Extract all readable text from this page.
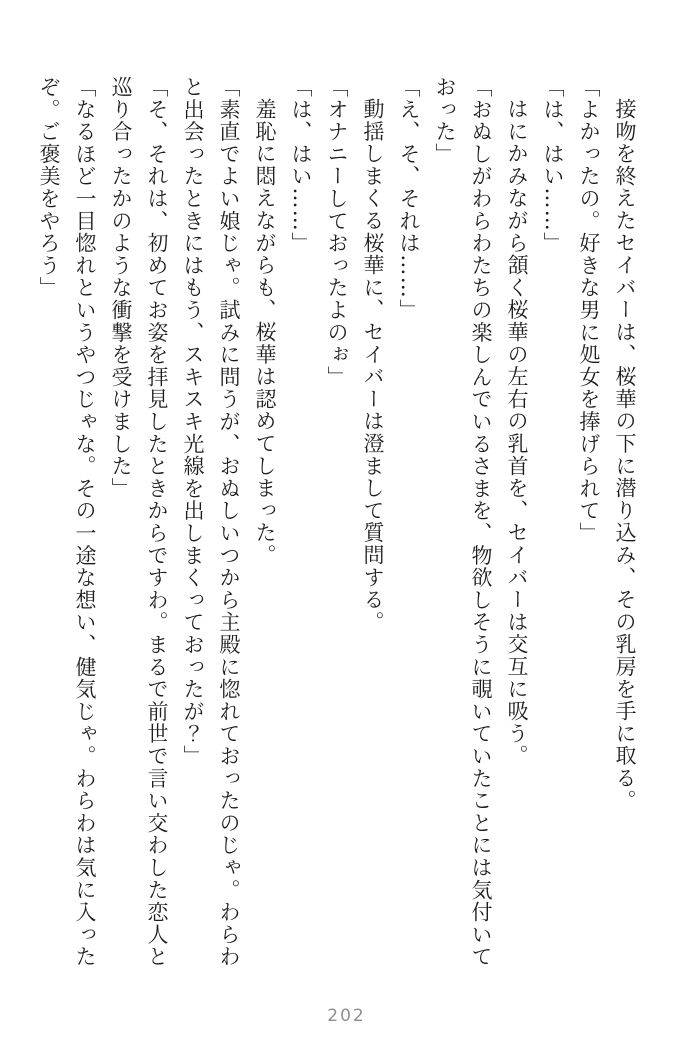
接吻を終えたセイバーは、桜華の下に潜り込み、その乳房を手に取る。

「よかったの。好きな男に処女を捧げられて」

「は、はい……」

はにかみながら頷く桜華の左右の乳首を、セイバーは交互に吸う。

「おぬしがわらわたちの楽しんでいるさまを、物欲しそうに覗いていたことには気付いて

おった」

「え、そ、それは……」

動揺しまくる桜華に、セイバーは澄まして質問する。

「オナニーしておったよのぉ」

「は、はい……」

羞恥に悶えながらも、桜華は認めてしまった。

「素直でよい娘じゃ。試みに問うが、おぬしいつから主殿に惚れておったのじゃ。わらわ

と出会ったときにはもう、スキスキ光線を出しまくっておったが？」

「そ、それは、初めてお姿を拝見したときからですわ。まるで前世で言い交わした恋人と

巡り合ったかのような衝撃を受けました」

「なるほど一目惚れというやつじゃな。その一途な想い、健気じゃ。わらわは気に入った

ぞ。ご褒美をやろう」

202
